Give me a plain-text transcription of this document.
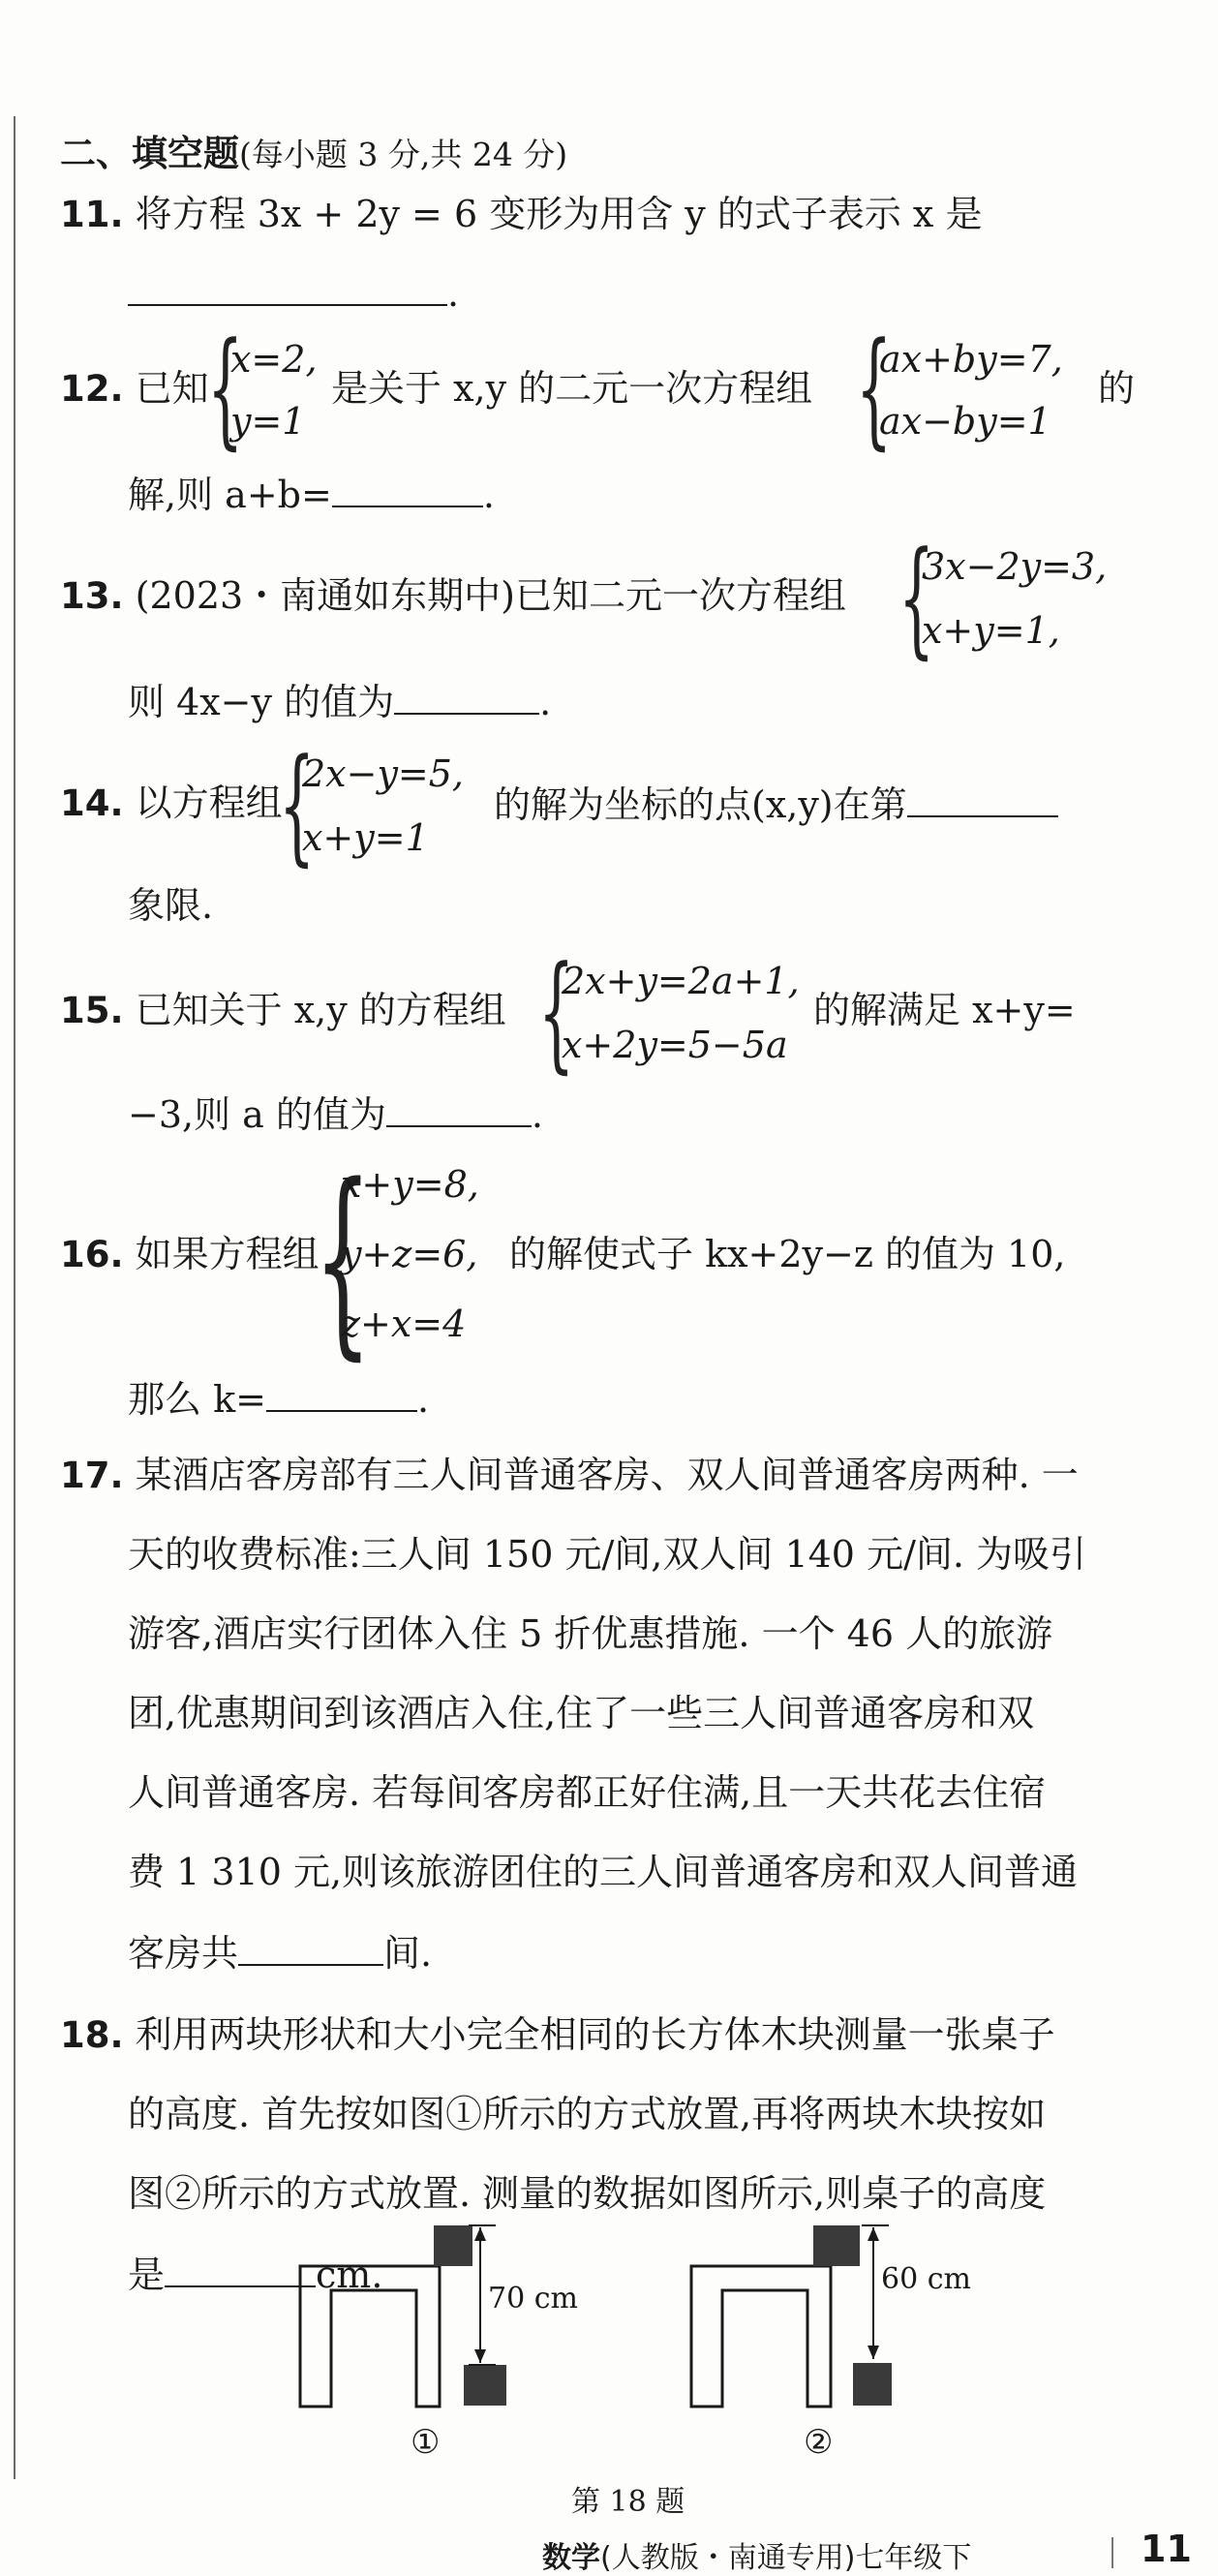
二、填空题(每小题 3 分,共 24 分)
11. 将方程 3x + 2y = 6 变形为用含 y 的式子表示 x 是
.
12. 已知
{
x=2,
y=1
是关于 x,y 的二元一次方程组 {
ax+by=7,
ax−by=1
的
解,则 a+b=	.
13. (2023・南通如东期中)已知二元一次方程组 {
3x−2y=3,
x+y=1,
则 4x−y 的值为	.
14. 以方程组
{
2x−y=5,
x+y=1
的解为坐标的点(x,y)在第
象限.
15. 已知关于 x,y 的方程组 {
2x+y=2a+1,
x+2y=5−5a
的解满足 x+y=
−3,则 a 的值为	.
16. 如果方程组
{
x+y=8,
y+z=6,
z+x=4
的解使式子 kx+2y−z 的值为 10,
那么 k=	.
17. 某酒店客房部有三人间普通客房、双人间普通客房两种. 一
天的收费标准:三人间 150 元/间,双人间 140 元/间. 为吸引
游客,酒店实行团体入住 5 折优惠措施. 一个 46 人的旅游
团,优惠期间到该酒店入住,住了一些三人间普通客房和双
人间普通客房. 若每间客房都正好住满,且一天共花去住宿
费 1 310 元,则该旅游团住的三人间普通客房和双人间普通
客房共	间.
18. 利用两块形状和大小完全相同的长方体木块测量一张桌子
的高度. 首先按如图①所示的方式放置,再将两块木块按如
图②所示的方式放置. 测量的数据如图所示,则桌子的高度
是	cm.
70 cm
60 cm
①	②
第 18 题
数学(人教版・南通专用)七年级下	11
